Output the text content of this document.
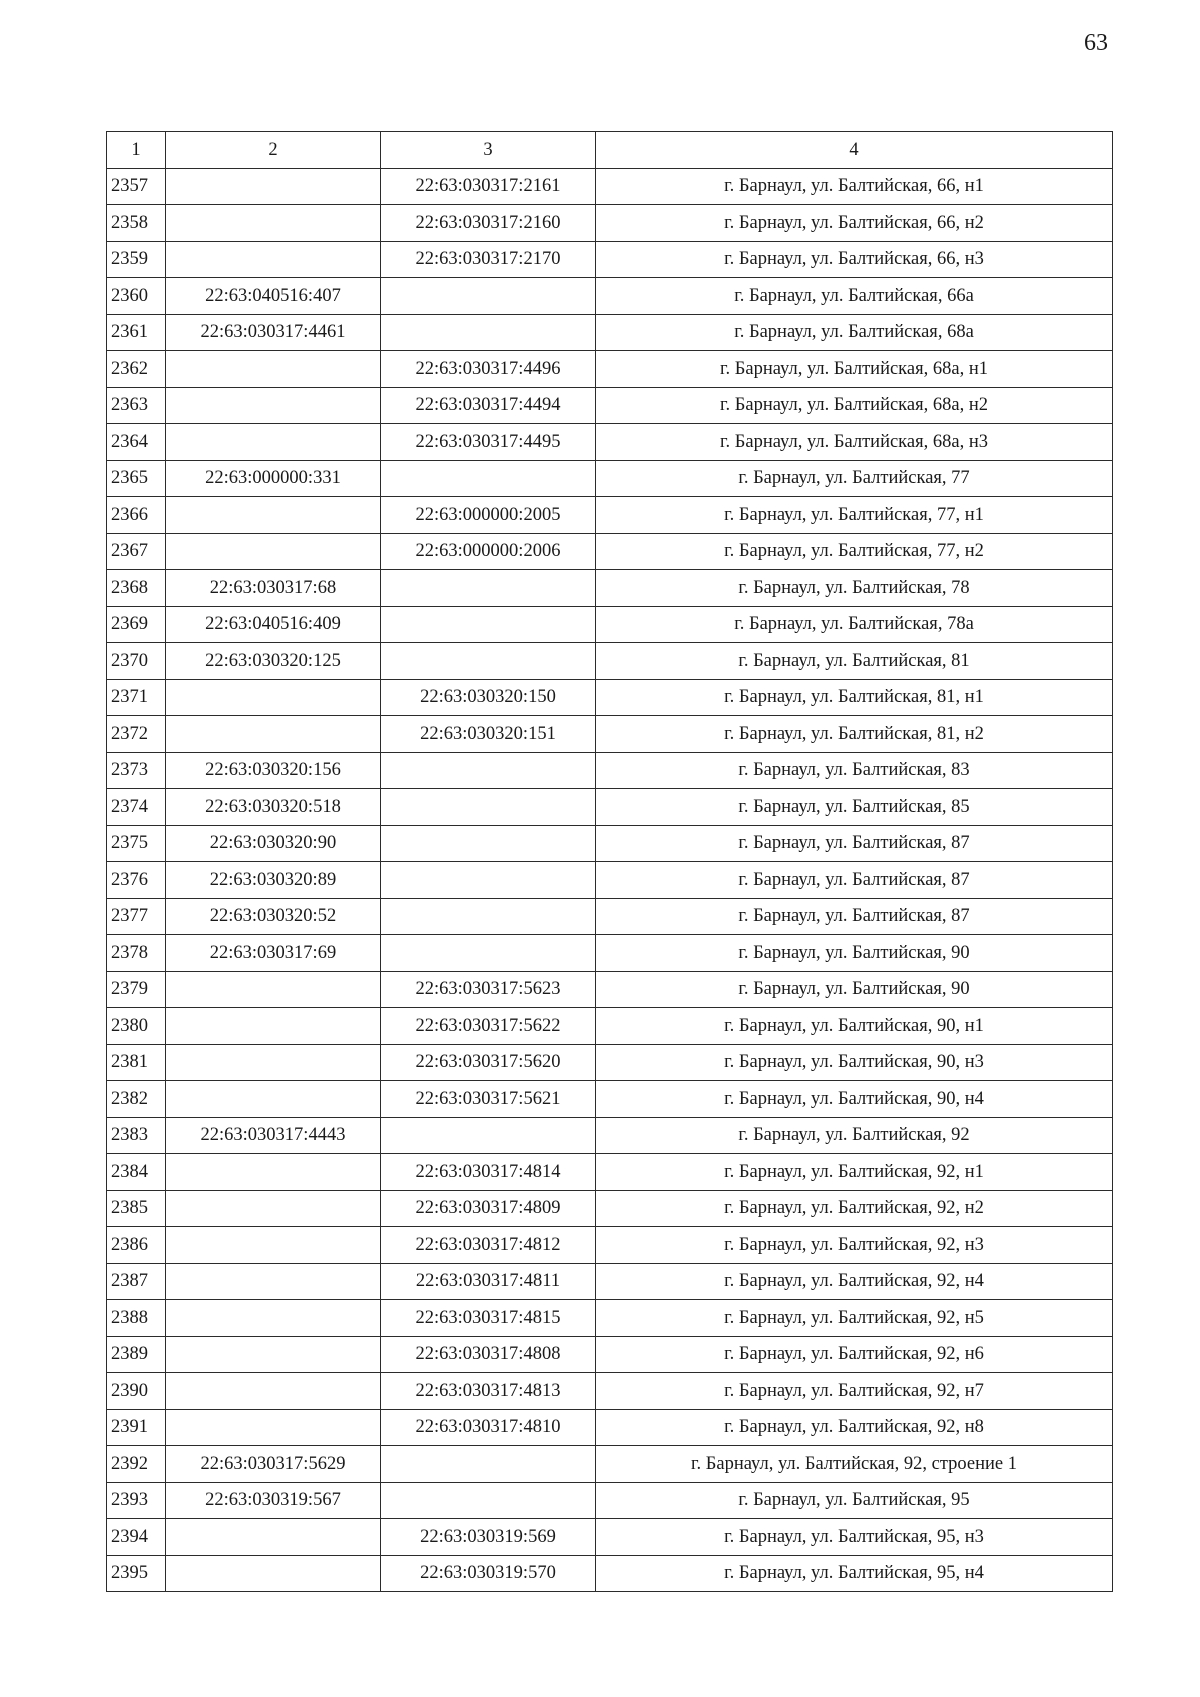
63
1	2	3	4
2357		22:63:030317:2161	г. Барнаул, ул. Балтийская, 66, н1
2358		22:63:030317:2160	г. Барнаул, ул. Балтийская, 66, н2
2359		22:63:030317:2170	г. Барнаул, ул. Балтийская, 66, н3
2360	22:63:040516:407		г. Барнаул, ул. Балтийская, 66а
2361	22:63:030317:4461		г. Барнаул, ул. Балтийская, 68а
2362		22:63:030317:4496	г. Барнаул, ул. Балтийская, 68а, н1
2363		22:63:030317:4494	г. Барнаул, ул. Балтийская, 68а, н2
2364		22:63:030317:4495	г. Барнаул, ул. Балтийская, 68а, н3
2365	22:63:000000:331		г. Барнаул, ул. Балтийская, 77
2366		22:63:000000:2005	г. Барнаул, ул. Балтийская, 77, н1
2367		22:63:000000:2006	г. Барнаул, ул. Балтийская, 77, н2
2368	22:63:030317:68		г. Барнаул, ул. Балтийская, 78
2369	22:63:040516:409		г. Барнаул, ул. Балтийская, 78а
2370	22:63:030320:125		г. Барнаул, ул. Балтийская, 81
2371		22:63:030320:150	г. Барнаул, ул. Балтийская, 81, н1
2372		22:63:030320:151	г. Барнаул, ул. Балтийская, 81, н2
2373	22:63:030320:156		г. Барнаул, ул. Балтийская, 83
2374	22:63:030320:518		г. Барнаул, ул. Балтийская, 85
2375	22:63:030320:90		г. Барнаул, ул. Балтийская, 87
2376	22:63:030320:89		г. Барнаул, ул. Балтийская, 87
2377	22:63:030320:52		г. Барнаул, ул. Балтийская, 87
2378	22:63:030317:69		г. Барнаул, ул. Балтийская, 90
2379		22:63:030317:5623	г. Барнаул, ул. Балтийская, 90
2380		22:63:030317:5622	г. Барнаул, ул. Балтийская, 90, н1
2381		22:63:030317:5620	г. Барнаул, ул. Балтийская, 90, н3
2382		22:63:030317:5621	г. Барнаул, ул. Балтийская, 90, н4
2383	22:63:030317:4443		г. Барнаул, ул. Балтийская, 92
2384		22:63:030317:4814	г. Барнаул, ул. Балтийская, 92, н1
2385		22:63:030317:4809	г. Барнаул, ул. Балтийская, 92, н2
2386		22:63:030317:4812	г. Барнаул, ул. Балтийская, 92, н3
2387		22:63:030317:4811	г. Барнаул, ул. Балтийская, 92, н4
2388		22:63:030317:4815	г. Барнаул, ул. Балтийская, 92, н5
2389		22:63:030317:4808	г. Барнаул, ул. Балтийская, 92, н6
2390		22:63:030317:4813	г. Барнаул, ул. Балтийская, 92, н7
2391		22:63:030317:4810	г. Барнаул, ул. Балтийская, 92, н8
2392	22:63:030317:5629		г. Барнаул, ул. Балтийская, 92, строение 1
2393	22:63:030319:567		г. Барнаул, ул. Балтийская, 95
2394		22:63:030319:569	г. Барнаул, ул. Балтийская, 95, н3
2395		22:63:030319:570	г. Барнаул, ул. Балтийская, 95, н4
